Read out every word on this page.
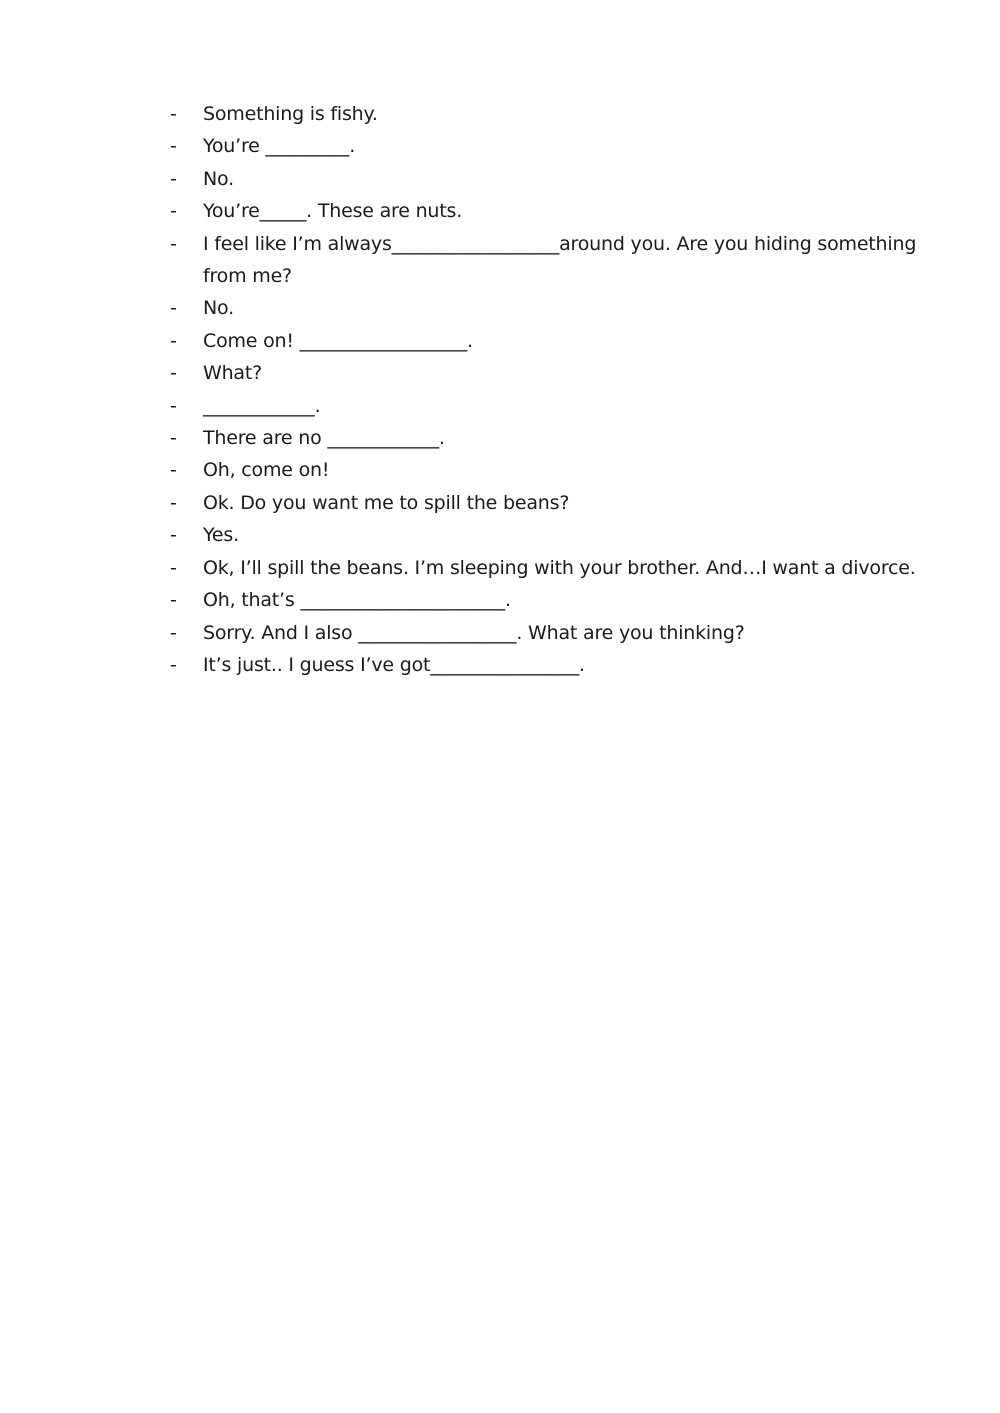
-	Something is fishy.
-	You’re _________.
-	No.
-	You’re_____. These are nuts.
-	I feel like I’m always__________________around you. Are you hiding something from me?
-	No.
-	Come on! __________________.
-	What?
-	____________.
-	There are no ____________.
-	Oh, come on!
-	Ok. Do you want me to spill the beans?
-	Yes.
-	Ok, I’ll spill the beans. I’m sleeping with your brother. And…I want a divorce.
-	Oh, that’s ______________________.
-	Sorry. And I also _________________. What are you thinking?
-	It’s just.. I guess I’ve got________________.
